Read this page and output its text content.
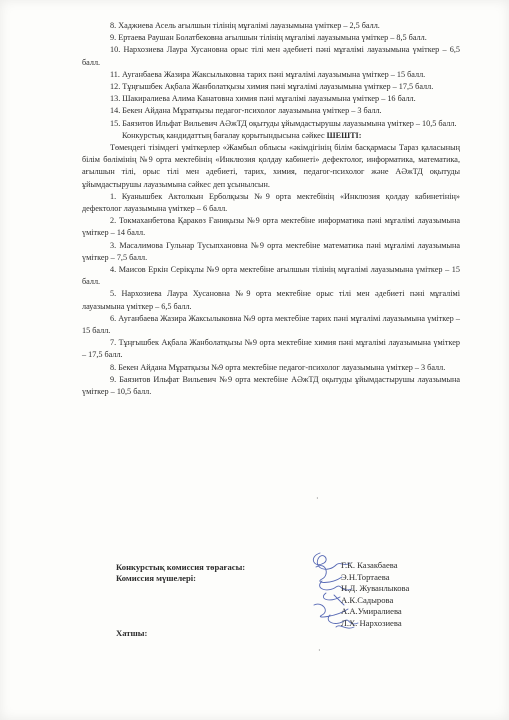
8. Хаджиева Асель ағылшын тілінің мұғалімі лауазымына үміткер – 2,5 балл.

9. Ертаева Раушан Болатбековна ағылшын тілінің мұғалімі лауазымына үміткер – 8,5 балл.

10. Нархозиева Лаура Хусановна орыс тілі мен әдебиеті пәні мұғалімі лауазымына үміткер – 6,5 балл.

11. Ауганбаева Жазира Жаксылыковна тарих пәні мұғалімі лауазымына үміткер – 15 балл.

12. Тұңғышбек Ақбала Жанболатқызы химия пәні мұғалімі лауазымына үміткер – 17,5 балл.

13. Шакиралиева Алима Канатовна химия пәні мұғалімі лауазымына үміткер – 16 балл.

14. Бекен Айдана Мұратқызы педагог-психолог лауазымына үміткер – 3 балл.

15. Баязитов Ильфат Вильевич АӘжТД оқытуды ұйымдастырушы лауазымына үміткер – 10,5 балл.

Конкурстық кандидаттың бағалау қорытындысына сәйкес ШЕШТІ:

Төмендегі тізімдегі үміткерлер «Жамбыл облысы «әкімдігінің білім басқармасы Тараз қаласының білім бөлімінің №9 орта мектебінің «Инклюзия қолдау кабинеті» дефектолог, информатика, математика, ағылшын тілі, орыс тілі мен әдебиеті, тарих, химия, педагог-психолог және АӘжТД оқытуды ұйымдастырушы лауазымына сәйкес деп ұсынылсын.

1. Куанышбек Актолкын Ерболқызы №9 орта мектебінің «Инклюзия қолдау кабинетінің» дефектолог лауазымына үміткер – 6 балл.

2. Токмаханбетова Қаракөз Ғаниқызы №9 орта мектебіне информатика пәні мұғалімі лауазымына үміткер – 14 балл.

3. Масалимова Гульнар Тусыпхановна №9 орта мектебіне математика пәні мұғалімі лауазымына үміткер – 7,5 балл.

4. Маисов Еркін Серікұлы №9 орта мектебіне ағылшын тілінің мұғалімі лауазымына үміткер – 15 балл.

5. Нархозиева Лаура Хусановна №9 орта мектебіне орыс тілі мен әдебиеті пәні мұғалімі лауазымына үміткер – 6,5 балл.

6. Ауганбаева Жазира Жаксылыковна №9 орта мектебіне тарих пәні мұғалімі лауазымына үміткер – 15 балл.

7. Тұңғышбек Ақбала Жанболатқызы №9 орта мектебіне химия пәні мұғалімі лауазымына үміткер – 17,5 балл.

8. Бекен Айдана Мұратқызы №9 орта мектебіне педагог-психолог лауазымына үміткер – 3 балл.

9. Баязитов Ильфат Вильевич №9 орта мектебіне АӘжТД оқытуды ұйымдастырушы лауазымына үміткер – 10,5 балл.

·
Конкурстық комиссия төрағасы:
Комиссия мүшелері:
Хатшы:
Г.К. Казакбаева
Э.Н.Тортаева
Н.Д. Жуванлыкова
А.К.Садырова
А.А.Умиралиева
Л.Х. Нархозиева
·
